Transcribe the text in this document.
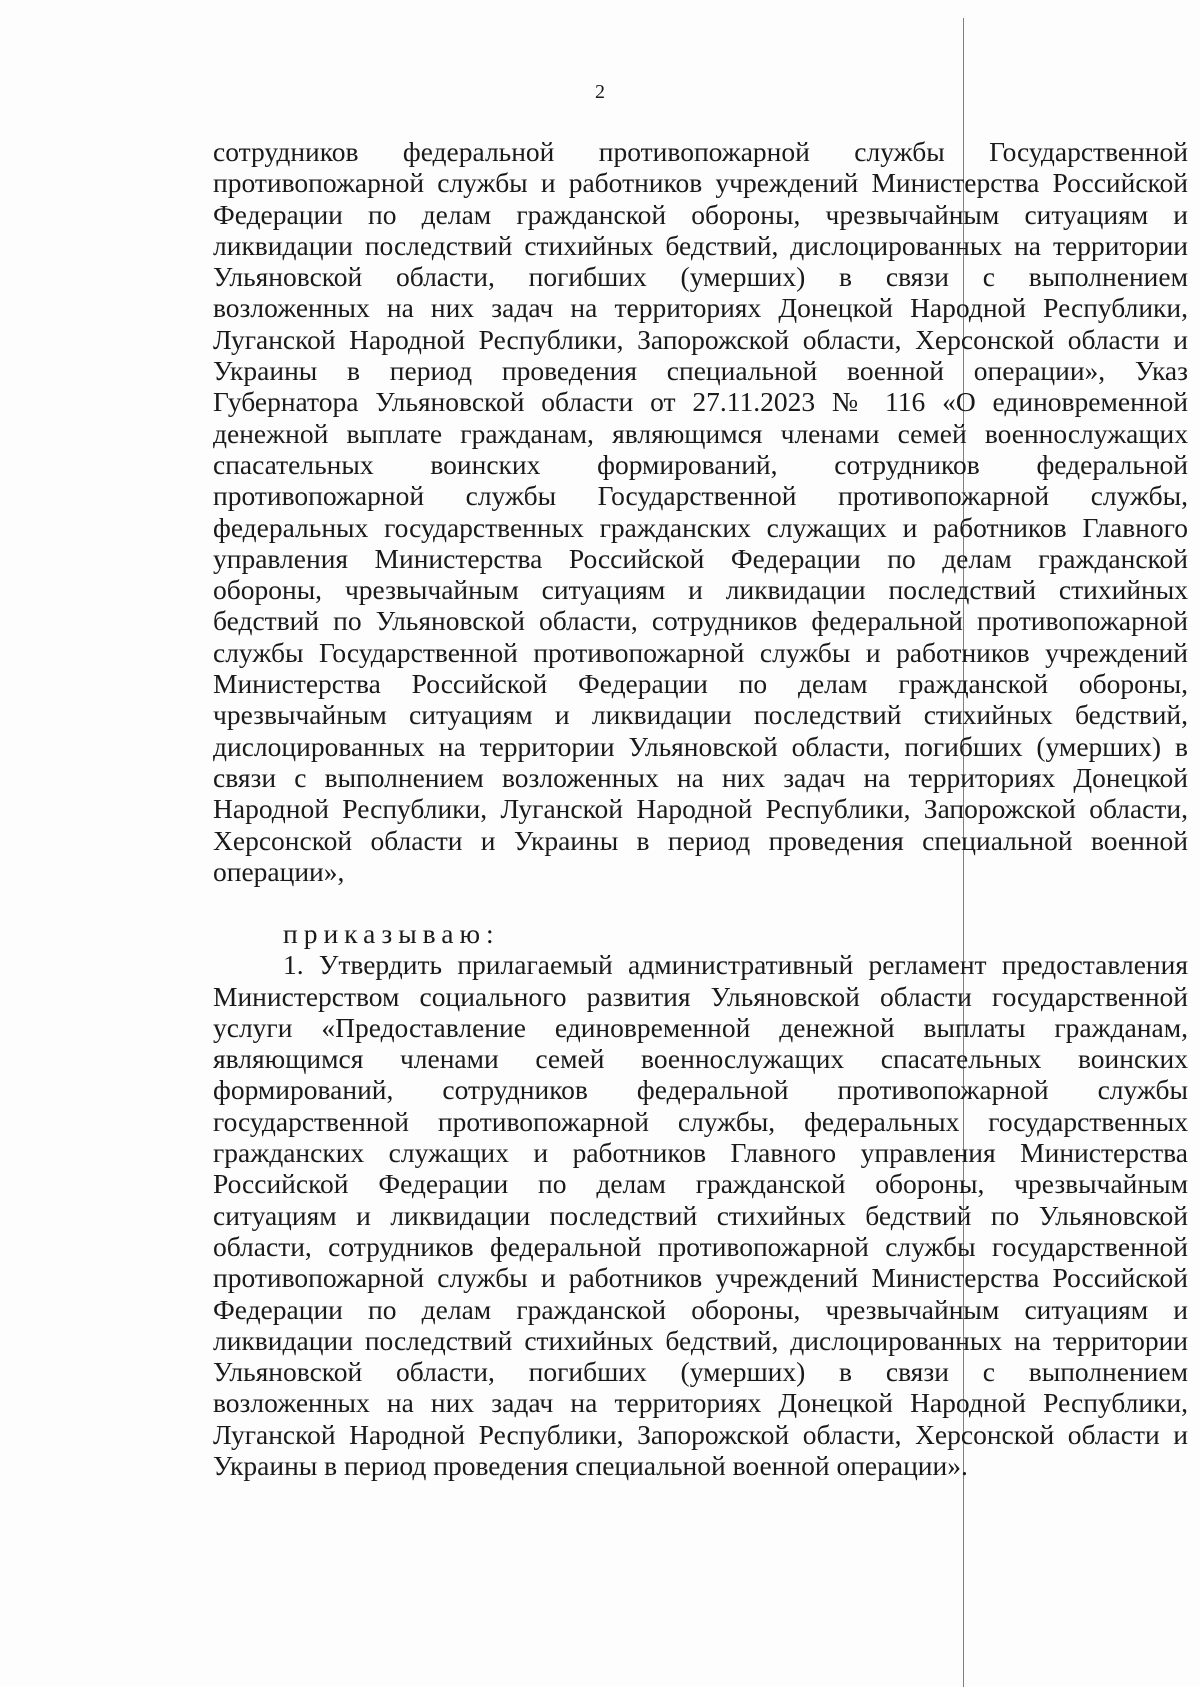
2
сотрудников федеральной противопожарной службы Государственной
противопожарной службы и работников учреждений Министерства Российской
Федерации по делам гражданской обороны, чрезвычайным ситуациям и
ликвидации последствий стихийных бедствий, дислоцированных на территории
Ульяновской области, погибших (умерших) в связи с выполнением
возложенных на них задач на территориях Донецкой Народной Республики,
Луганской Народной Республики, Запорожской области, Херсонской области и
Украины в период проведения специальной военной операции», Указ
Губернатора Ульяновской области от 27.11.2023 № 116 «О единовременной
денежной выплате гражданам, являющимся членами семей военнослужащих
спасательных воинских формирований, сотрудников федеральной
противопожарной службы Государственной противопожарной службы,
федеральных государственных гражданских служащих и работников Главного
управления Министерства Российской Федерации по делам гражданской
обороны, чрезвычайным ситуациям и ликвидации последствий стихийных
бедствий по Ульяновской области, сотрудников федеральной противопожарной
службы Государственной противопожарной службы и работников учреждений
Министерства Российской Федерации по делам гражданской обороны,
чрезвычайным ситуациям и ликвидации последствий стихийных бедствий,
дислоцированных на территории Ульяновской области, погибших (умерших) в
связи с выполнением возложенных на них задач на территориях Донецкой
Народной Республики, Луганской Народной Республики, Запорожской области,
Херсонской области и Украины в период проведения специальной военной
операции»,
приказываю:
1. Утвердить прилагаемый административный регламент предоставления
Министерством социального развития Ульяновской области государственной
услуги «Предоставление единовременной денежной выплаты гражданам,
являющимся членами семей военнослужащих спасательных воинских
формирований, сотрудников федеральной противопожарной службы
государственной противопожарной службы, федеральных государственных
гражданских служащих и работников Главного управления Министерства
Российской Федерации по делам гражданской обороны, чрезвычайным
ситуациям и ликвидации последствий стихийных бедствий по Ульяновской
области, сотрудников федеральной противопожарной службы государственной
противопожарной службы и работников учреждений Министерства Российской
Федерации по делам гражданской обороны, чрезвычайным ситуациям и
ликвидации последствий стихийных бедствий, дислоцированных на территории
Ульяновской области, погибших (умерших) в связи с выполнением
возложенных на них задач на территориях Донецкой Народной Республики,
Луганской Народной Республики, Запорожской области, Херсонской области и
Украины в период проведения специальной военной операции».
